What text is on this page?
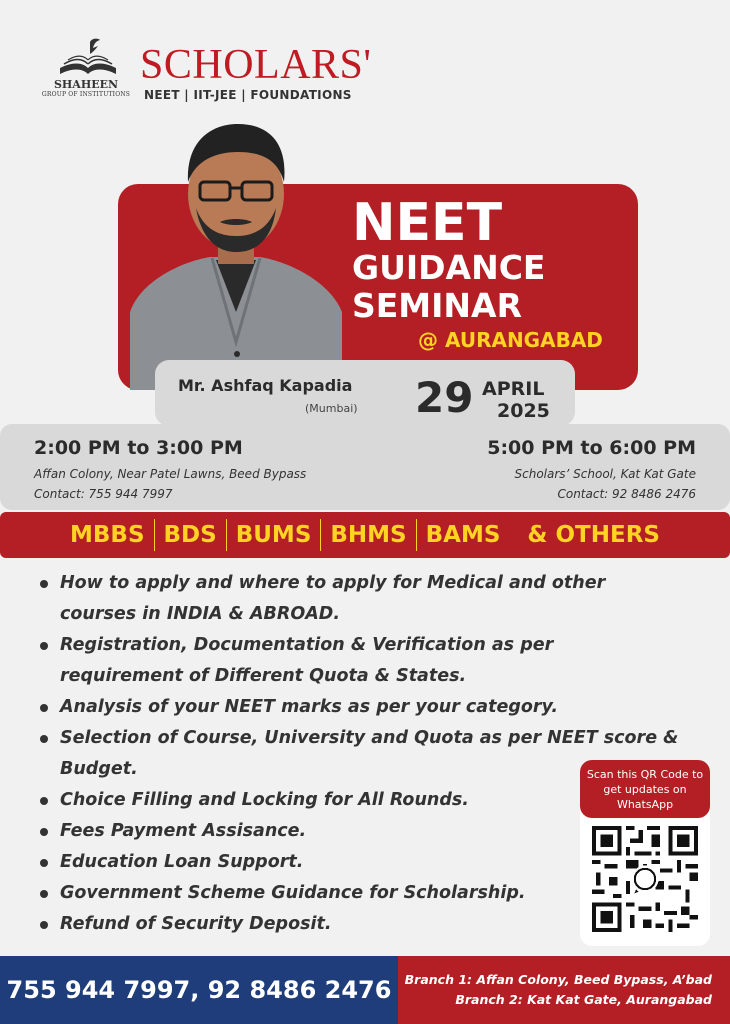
SHAHEEN
GROUP OF INSTITUTIONS
SCHOLARS'
NEET | IIT-JEE | FOUNDATIONS
NEET
GUIDANCE
SEMINAR
@ AURANGABAD
Mr. Ashfaq Kapadia
(Mumbai) 29 APRIL
2025
2:00 PM to 3:00 PM
Affan Colony, Near Patel Lawns, Beed Bypass
Contact: 755 944 7997
5:00 PM to 6:00 PM
Scholars’ School, Kat Kat Gate
Contact: 92 8486 2476
MBBS BDS BUMS BHMS BAMS	& OTHERS
How to apply and where to apply for Medical and other courses in INDIA & ABROAD.
Registration, Documentation & Verification as per requirement of Different Quota & States.
Analysis of your NEET marks as per your category.
Selection of Course, University and Quota as per NEET score & Budget.
Choice Filling and Locking for All Rounds.
Fees Payment Assisance.
Education Loan Support.
Government Scheme Guidance for Scholarship.
Refund of Security Deposit.
Scan this QR Code to get updates on WhatsApp
755 944 7997, 92 8486 2476 Branch 1: Affan Colony, Beed Bypass, A’bad
Branch 2: Kat Kat Gate, Aurangabad
